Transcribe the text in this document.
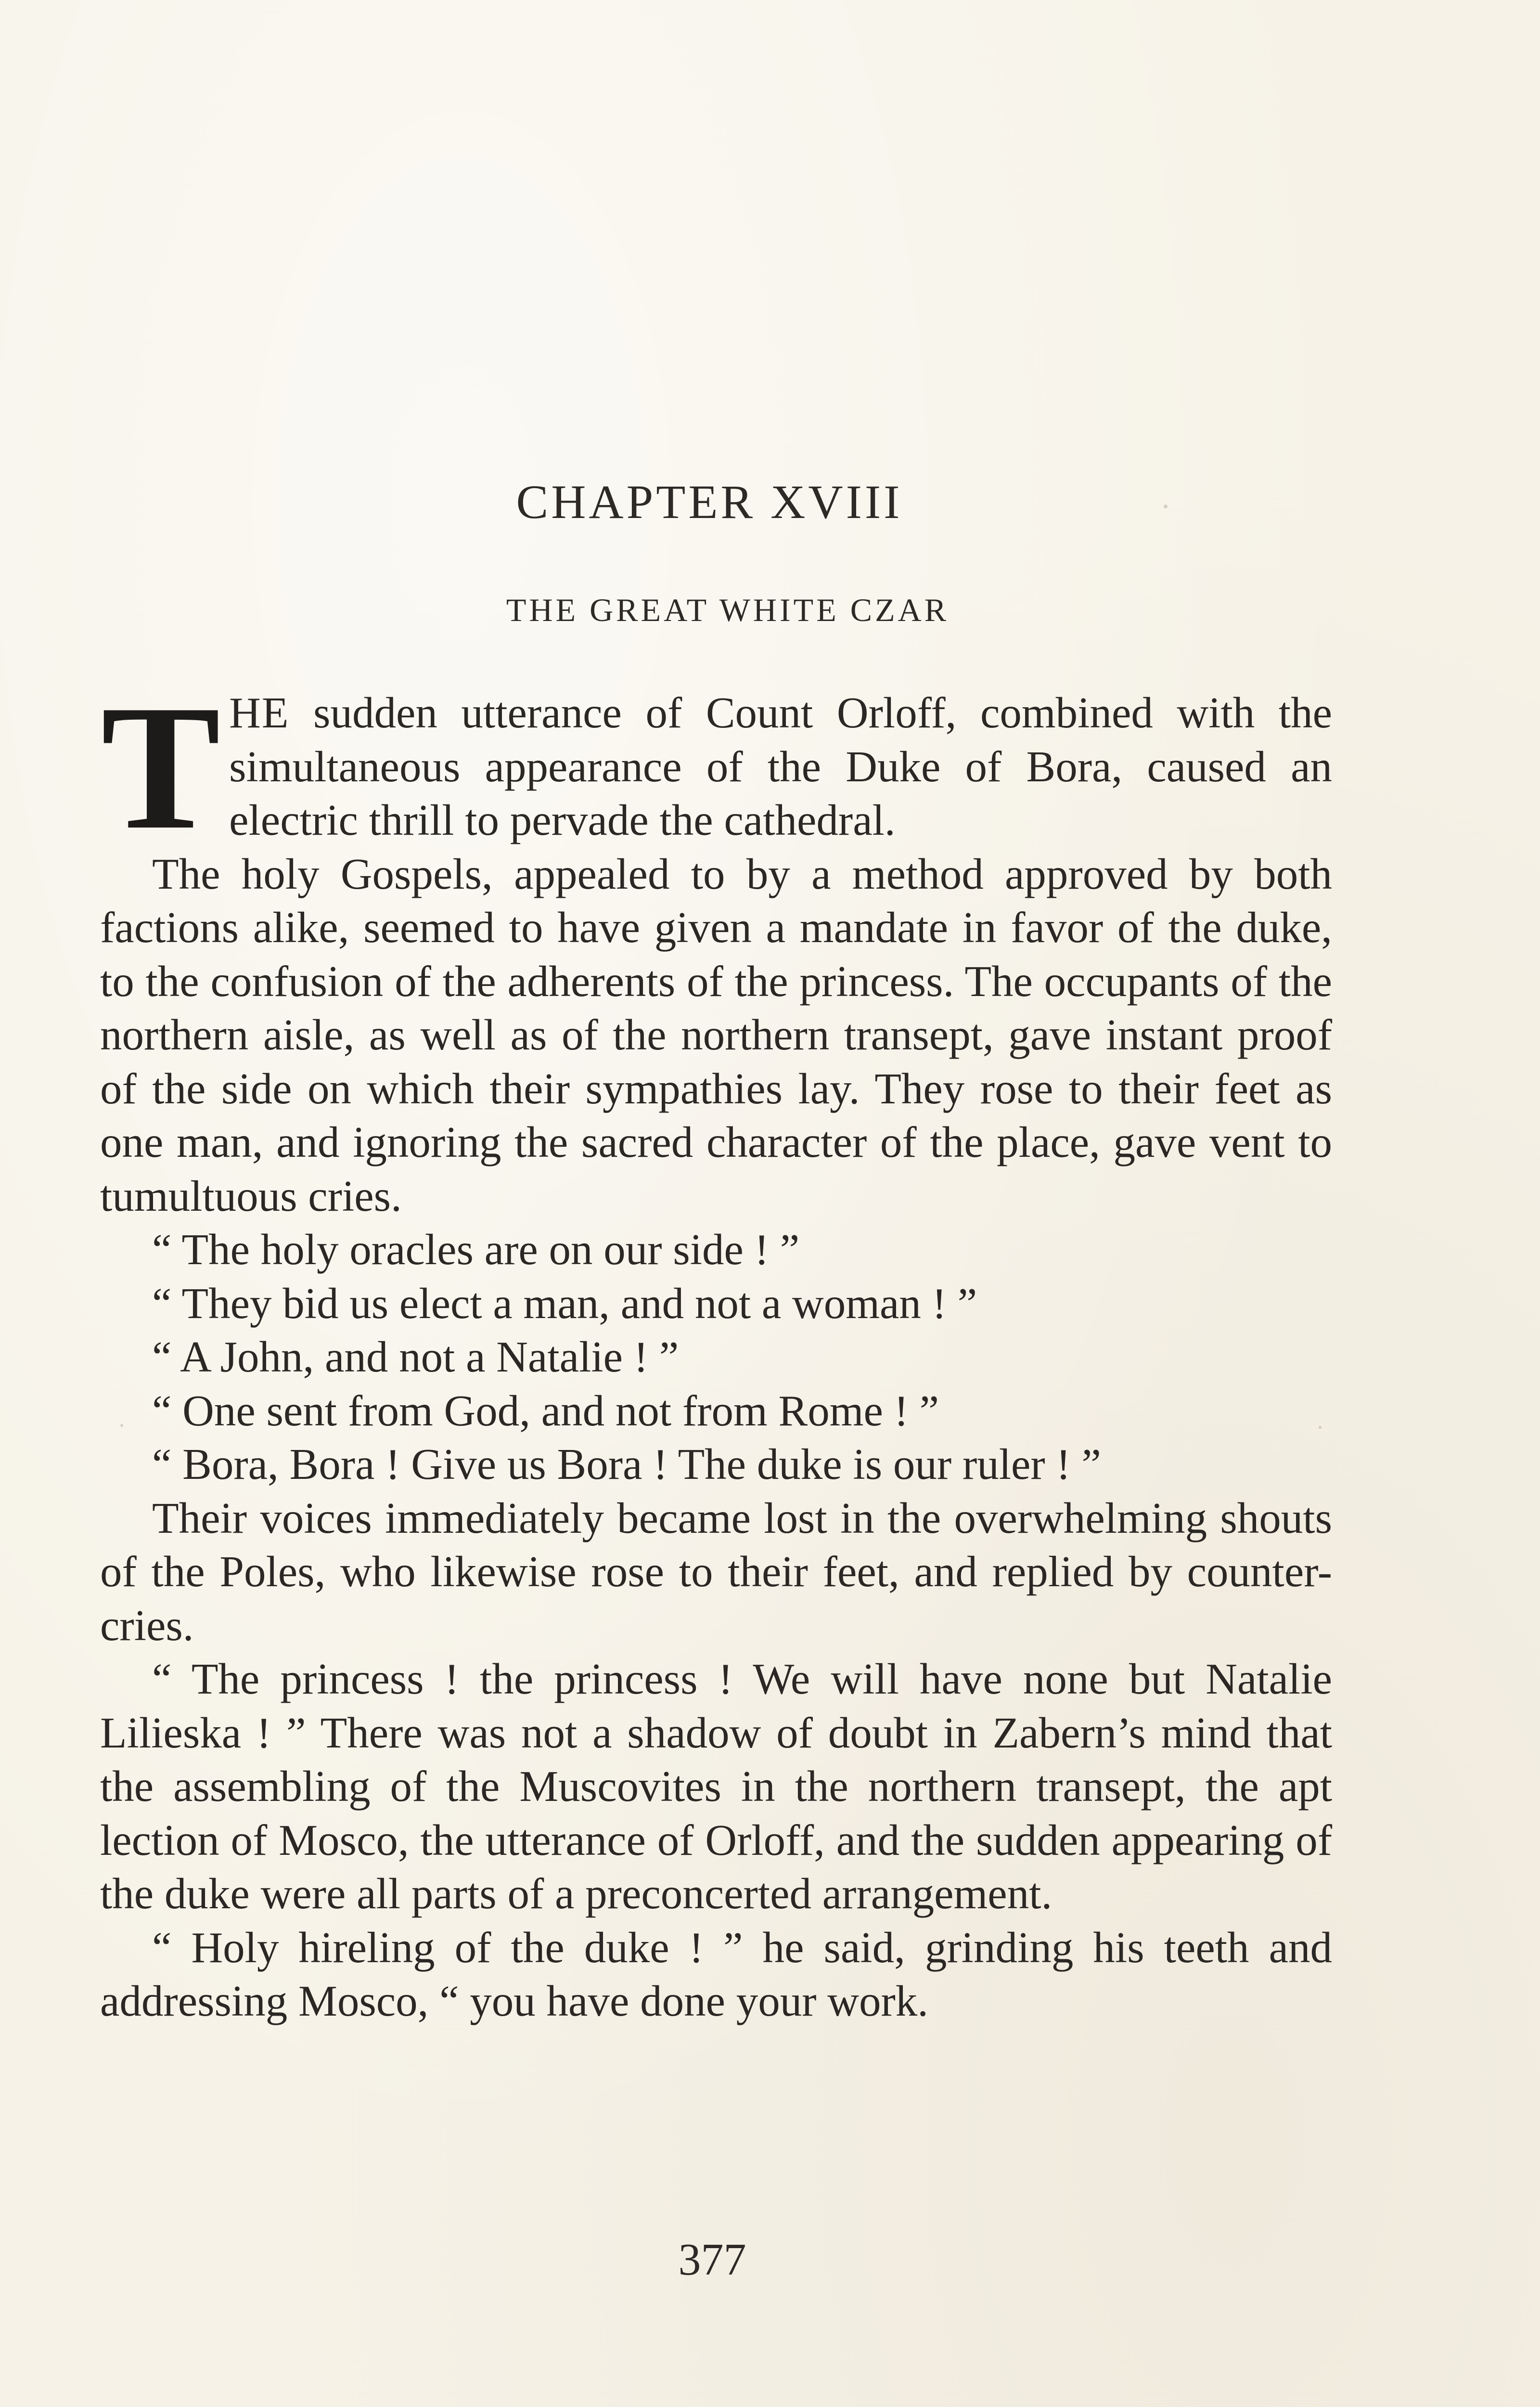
CHAPTER XVIII
THE GREAT WHITE CZAR

THE sudden utterance of Count Orloff, combined with the simultaneous appearance of the Duke of Bora, caused an electric thrill to pervade the cathedral.

The holy Gospels, appealed to by a method approved by both factions alike, seemed to have given a mandate in favor of the duke, to the confusion of the adherents of the princess. The occupants of the northern aisle, as well as of the northern transept, gave instant proof of the side on which their sympathies lay. They rose to their feet as one man, and ignoring the sacred character of the place, gave vent to tumultuous cries.

“ The holy oracles are on our side ! ”

“ They bid us elect a man, and not a woman ! ”

“ A John, and not a Natalie ! ”

“ One sent from God, and not from Rome ! ”

“ Bora, Bora ! Give us Bora ! The duke is our ruler ! ”

Their voices immediately became lost in the overwhelming shouts of the Poles, who likewise rose to their feet, and replied by counter-cries.

“ The princess ! the princess ! We will have none but Natalie Lilieska ! ” There was not a shadow of doubt in Zabern’s mind that the assembling of the Muscovites in the northern transept, the apt lection of Mosco, the utterance of Orloff, and the sudden appearing of the duke were all parts of a preconcerted arrangement.

“ Holy hireling of the duke ! ” he said, grinding his teeth and addressing Mosco, “ you have done your work.

377
